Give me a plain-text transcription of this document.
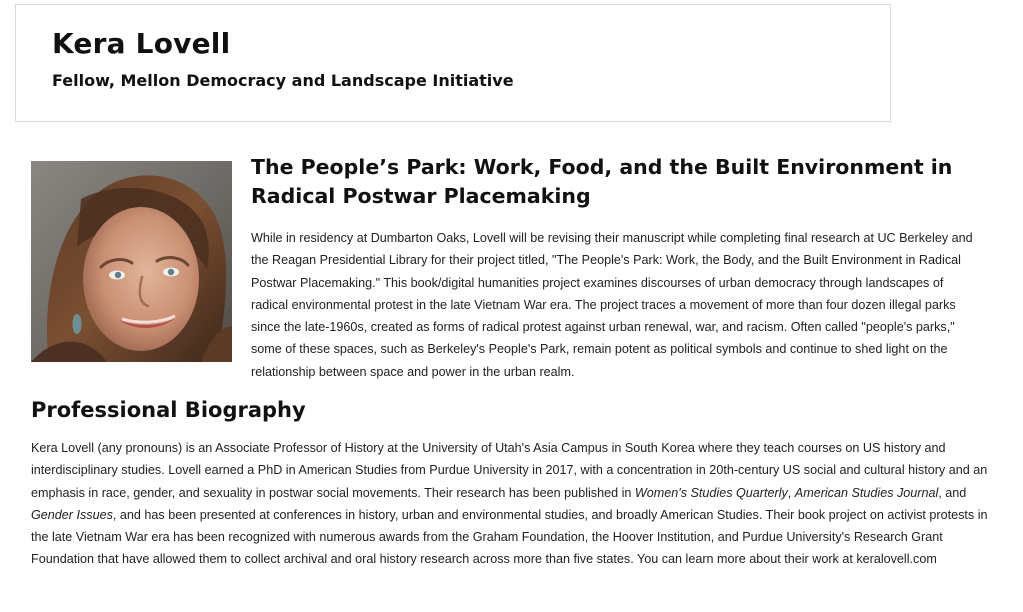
Kera Lovell
Fellow, Mellon Democracy and Landscape Initiative
The People’s Park: Work, Food, and the Built Environment in Radical Postwar Placemaking

While in residency at Dumbarton Oaks, Lovell will be revising their manuscript while completing final research at UC Berkeley and the Reagan Presidential Library for their project titled, "The People's Park: Work, the Body, and the Built Environment in Radical Postwar Placemaking." This book/digital humanities project examines discourses of urban democracy through landscapes of radical environmental protest in the late Vietnam War era. The project traces a movement of more than four dozen illegal parks since the late-1960s, created as forms of radical protest against urban renewal, war, and racism. Often called "people's parks," some of these spaces, such as Berkeley's People's Park, remain potent as political symbols and continue to shed light on the relationship between space and power in the urban realm.

Professional Biography

Kera Lovell (any pronouns) is an Associate Professor of History at the University of Utah's Asia Campus in South Korea where they teach courses on US history and interdisciplinary studies. Lovell earned a PhD in American Studies from Purdue University in 2017, with a concentration in 20th-century US social and cultural history and an emphasis in race, gender, and sexuality in postwar social movements. Their research has been published in Women's Studies Quarterly, American Studies Journal, and Gender Issues, and has been presented at conferences in history, urban and environmental studies, and broadly American Studies. Their book project on activist protests in the late Vietnam War era has been recognized with numerous awards from the Graham Foundation, the Hoover Institution, and Purdue University's Research Grant Foundation that have allowed them to collect archival and oral history research across more than five states. You can learn more about their work at keralovell.com
